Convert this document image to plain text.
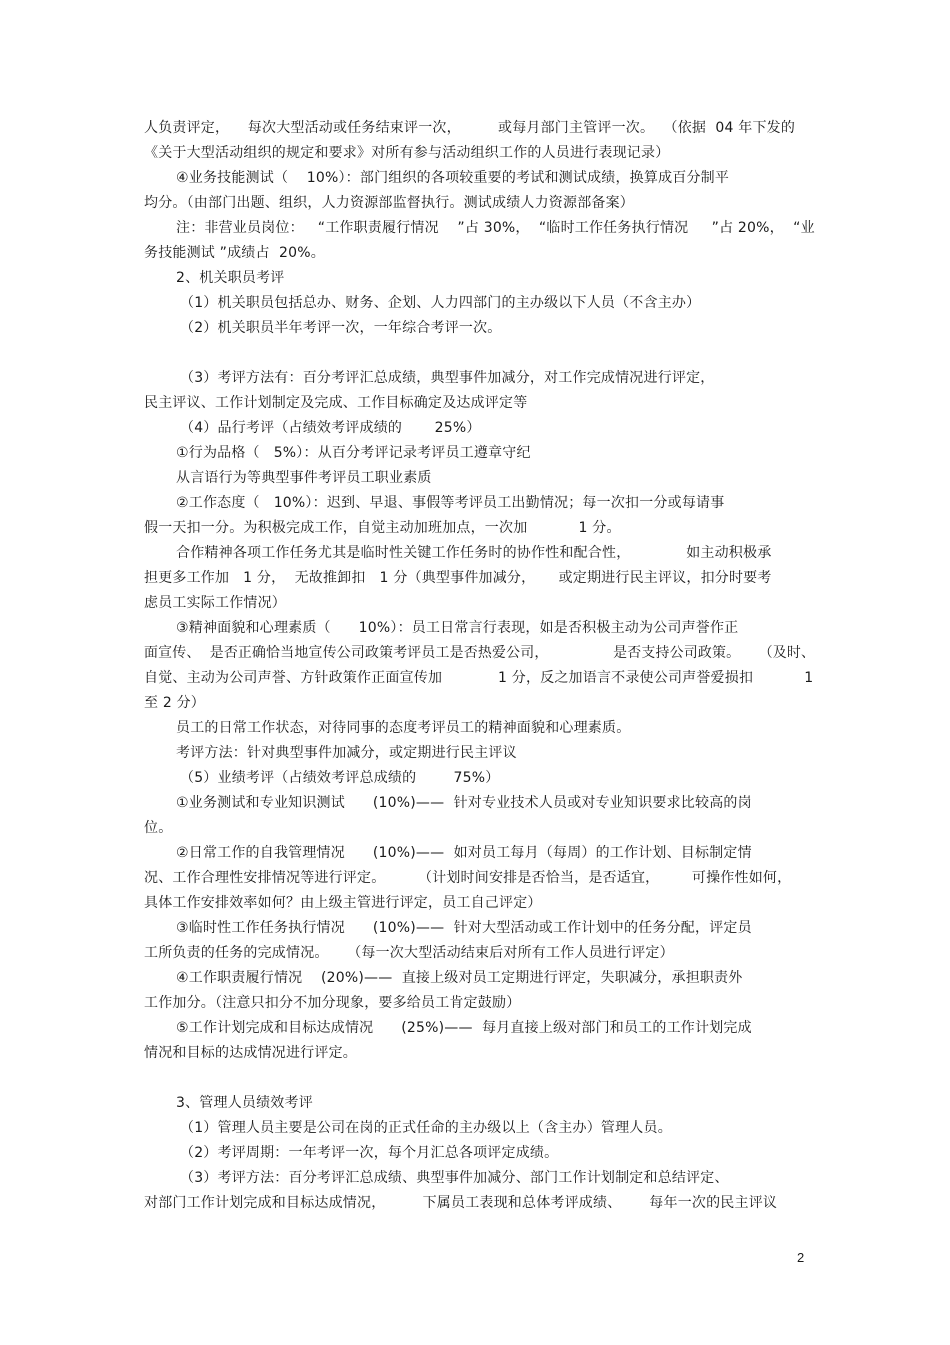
人负责评定，    每次大型活动或任务结束评一次，        或每月部门主管评一次。  （依据  04 年下发的
《关于大型活动组织的规定和要求》对所有参与活动组织工作的人员进行表现记录）
④业务技能测试（    10%）：部门组织的各项较重要的考试和测试成绩，换算成百分制平
均分。（由部门出题、组织，人力资源部监督执行。测试成绩人力资源部备案）
注：非营业员岗位：   “工作职责履行情况    ”占 30%，  “临时工作任务执行情况     ”占 20%，  “业
务技能测试 ”成绩占  20%。
2、机关职员考评
（1）机关职员包括总办、财务、企划、人力四部门的主办级以下人员（不含主办）
（2）机关职员半年考评一次，一年综合考评一次。
（3）考评方法有：百分考评汇总成绩，典型事件加减分，对工作完成情况进行评定，
民主评议、工作计划制定及完成、工作目标确定及达成评定等
（4）品行考评（占绩效考评成绩的       25%）
①行为品格（   5%）：从百分考评记录考评员工遵章守纪
从言语行为等典型事件考评员工职业素质
②工作态度（   10%）：迟到、早退、事假等考评员工出勤情况；每一次扣一分或每请事
假一天扣一分。为积极完成工作，自觉主动加班加点，一次加           1 分。
合作精神各项工作任务尤其是临时性关键工作任务时的协作性和配合性，            如主动积极承
担更多工作加   1 分，  无故推卸扣   1 分（典型事件加减分，     或定期进行民主评议，扣分时要考
虑员工实际工作情况）
③精神面貌和心理素质（      10%）：员工日常言行表现，如是否积极主动为公司声誉作正
面宣传、  是否正确恰当地宣传公司政策考评员工是否热爱公司，              是否支持公司政策。    （及时、
自觉、主动为公司声誉、方针政策作正面宣传加            1 分，反之加语言不录使公司声誉爱损扣           1
至 2 分）
员工的日常工作状态，对待同事的态度考评员工的精神面貌和心理素质。
考评方法：针对典型事件加减分，或定期进行民主评议
（5）业绩考评（占绩效考评总成绩的        75%）
①业务测试和专业知识测试      (10%)——  针对专业技术人员或对专业知识要求比较高的岗
位。
②日常工作的自我管理情况      (10%)——  如对员工每月（每周）的工作计划、目标制定情
况、工作合理性安排情况等进行评定。       （计划时间安排是否恰当，是否适宜，       可操作性如何，
具体工作安排效率如何？由上级主管进行评定，员工自己评定）
③临时性工作任务执行情况      (10%)——  针对大型活动或工作计划中的任务分配，评定员
工所负责的任务的完成情况。    （每一次大型活动结束后对所有工作人员进行评定）
④工作职责履行情况    (20%)——  直接上级对员工定期进行评定，失职减分，承担职责外
工作加分。（注意只扣分不加分现象，要多给员工肯定鼓励）
⑤工作计划完成和目标达成情况      (25%)——  每月直接上级对部门和员工的工作计划完成
情况和目标的达成情况进行评定。
3、管理人员绩效考评
（1）管理人员主要是公司在岗的正式任命的主办级以上（含主办）管理人员。
（2）考评周期：一年考评一次，每个月汇总各项评定成绩。
（3）考评方法：百分考评汇总成绩、典型事件加减分、部门工作计划制定和总结评定、
对部门工作计划完成和目标达成情况，        下属员工表现和总体考评成绩、      每年一次的民主评议
2
